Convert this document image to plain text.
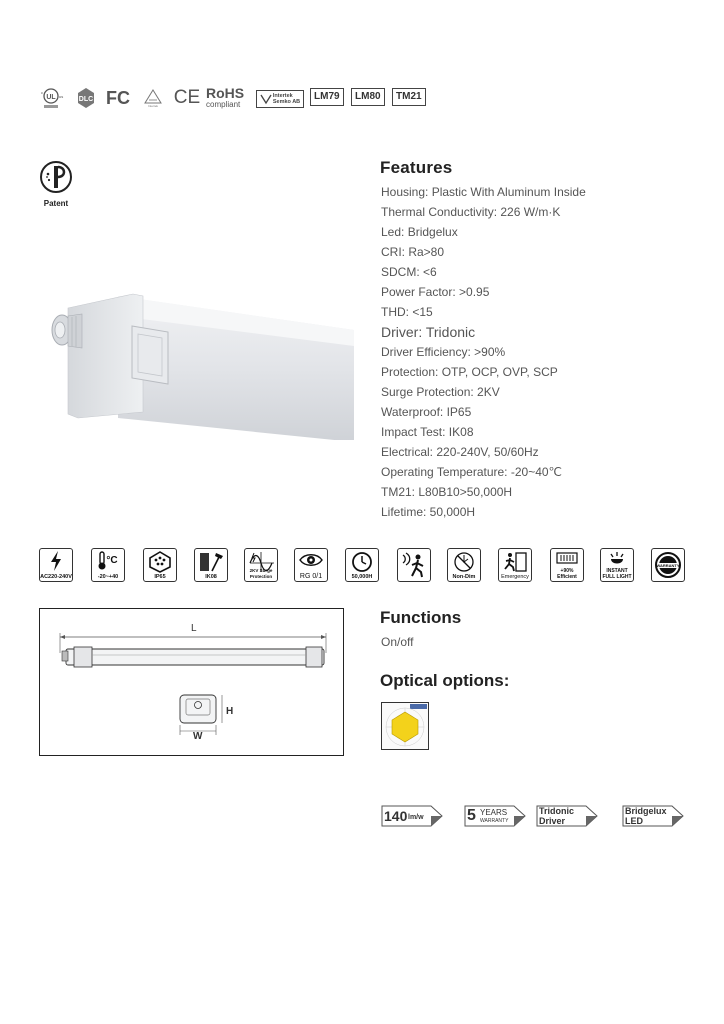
UL
c
us DLC FC	Intertek CE RoHS
compliant
Intertek
Semko AB	LM79	LM80	TM21
Patent
Features
Housing: Plastic With Aluminum Inside
Thermal Conductivity: 226 W/m·K
Led: Bridgelux
CRI: Ra>80
SDCM: <6
Power Factor: >0.95
THD: <15
Driver: Tridonic
Driver Efficiency: >90%
Protection: OTP, OCP, OVP, SCP
Surge Protection: 2KV
Waterproof: IP65
Impact Test: IK08
Electrical: 220-240V, 50/60Hz
Operating Temperature: -20~40℃
TM21: L80B10>50,000H
Lifetime: 50,000H
AC220-240V
°C
-20~+40	IP65	IK08
2KV Surge Protection	RG 0/1	50,000H	Non-Dim	Emergency
+90% Efficient
INSTANT FULL LIGHT
100% WARRANTY
L
H
W
Functions
On/off
Optical options:
140 lm/w	5 YEARS
WARRANTY
Tridonic
Driver
Bridgelux
LED
